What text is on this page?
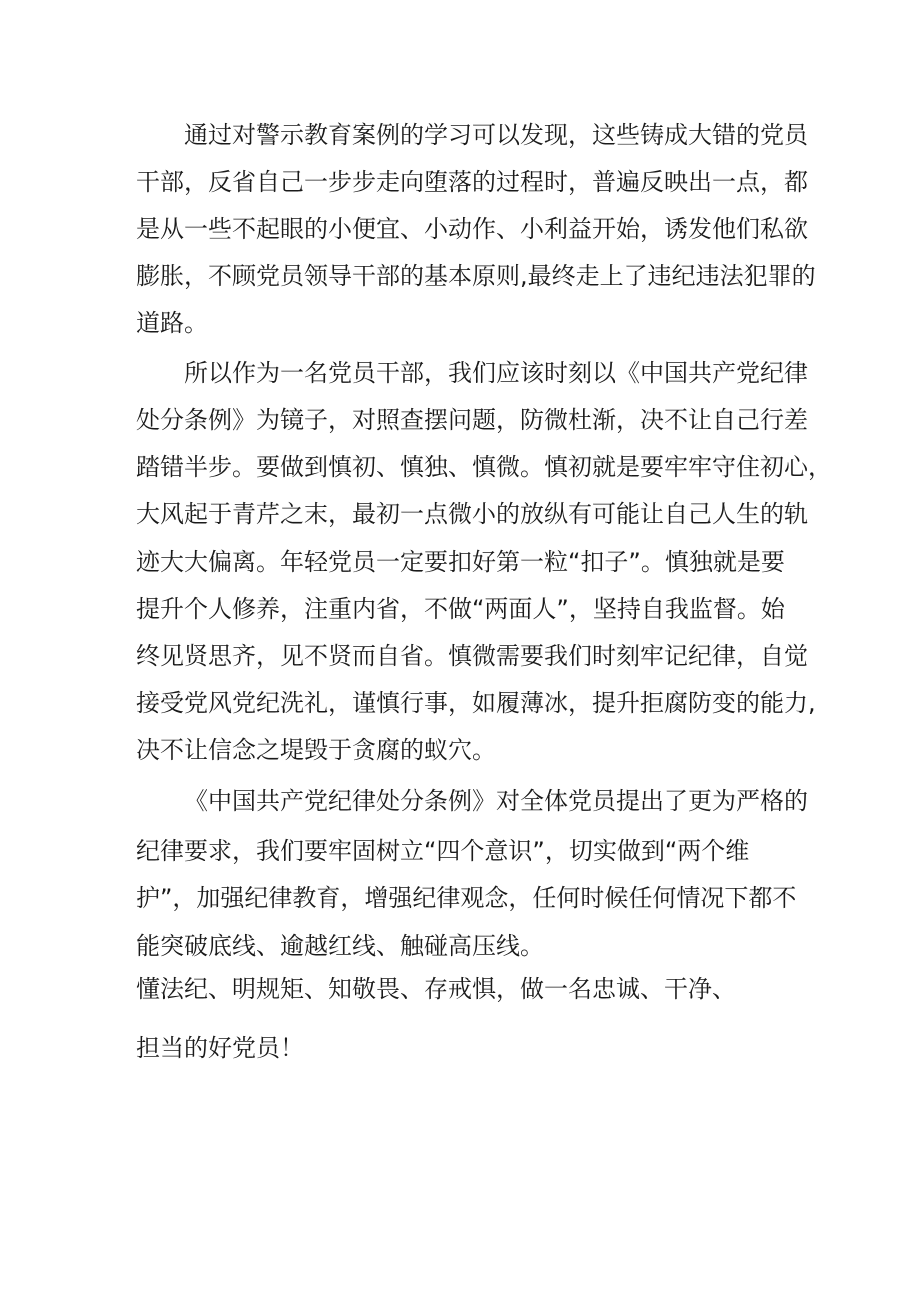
通过对警示教育案例的学习可以发现，这些铸成大错的党员
干部，反省自己一步步走向堕落的过程时，普遍反映出一点，都
是从一些不起眼的小便宜、小动作、小利益开始，诱发他们私欲
膨胀，不顾党员领导干部的基本原则,最终走上了违纪违法犯罪的
道路。
所以作为一名党员干部，我们应该时刻以《中国共产党纪律
处分条例》为镜子，对照查摆问题，防微杜渐，决不让自己行差
踏错半步。要做到慎初、慎独、慎微。慎初就是要牢牢守住初心，
大风起于青芹之末，最初一点微小的放纵有可能让自己人生的轨
迹大大偏离。年轻党员一定要扣好第一粒“扣子”。慎独就是要
提升个人修养，注重内省，不做“两面人”，坚持自我监督。始
终见贤思齐，见不贤而自省。慎微需要我们时刻牢记纪律，自觉
接受党风党纪洗礼，谨慎行事，如履薄冰，提升拒腐防变的能力,
决不让信念之堤毁于贪腐的蚁穴。
《中国共产党纪律处分条例》对全体党员提出了更为严格的
纪律要求，我们要牢固树立“四个意识”，切实做到“两个维
护”，加强纪律教育，增强纪律观念，任何时候任何情况下都不
能突破底线、逾越红线、触碰高压线。
懂法纪、明规矩、知敬畏、存戒惧，做一名忠诚、干净、
担当的好党员！
